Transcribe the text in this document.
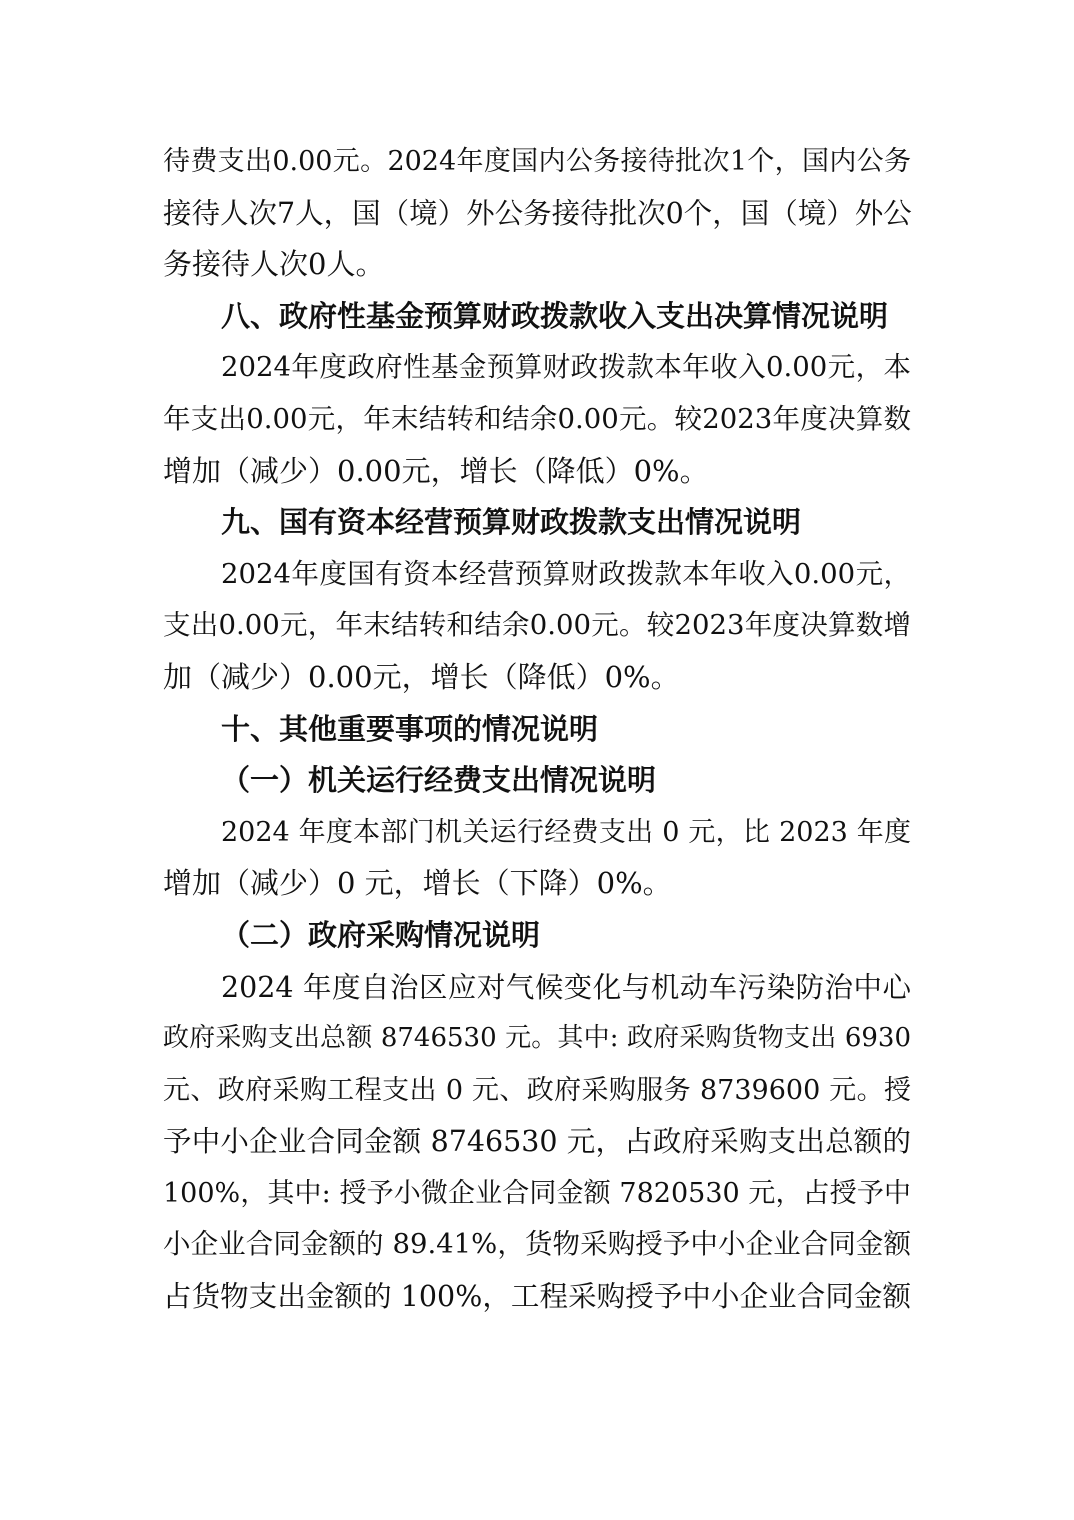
待费支出0.00元。2024年度国内公务接待批次1个，国内公务
接待人次7人，国（境）外公务接待批次0个，国（境）外公
务接待人次0人。
八、政府性基金预算财政拨款收入支出决算情况说明
2024年度政府性基金预算财政拨款本年收入0.00元，本
年支出0.00元，年末结转和结余0.00元。较2023年度决算数
增加（减少）0.00元，增长（降低）0%。
九、国有资本经营预算财政拨款支出情况说明
2024年度国有资本经营预算财政拨款本年收入0.00元，
支出0.00元，年末结转和结余0.00元。较2023年度决算数增
加（减少）0.00元，增长（降低）0%。
十、其他重要事项的情况说明
（一）机关运行经费支出情况说明
2024 年度本部门机关运行经费支出 0 元，比 2023 年度
增加（减少）0 元，增长（下降）0%。
（二）政府采购情况说明
2024 年度自治区应对气候变化与机动车污染防治中心
政府采购支出总额 8746530 元。其中: 政府采购货物支出 6930
元、政府采购工程支出 0 元、政府采购服务 8739600 元。授
予中小企业合同金额 8746530 元，占政府采购支出总额的
100%，其中: 授予小微企业合同金额 7820530 元，占授予中
小企业合同金额的 89.41%，货物采购授予中小企业合同金额
占货物支出金额的 100%，工程采购授予中小企业合同金额
